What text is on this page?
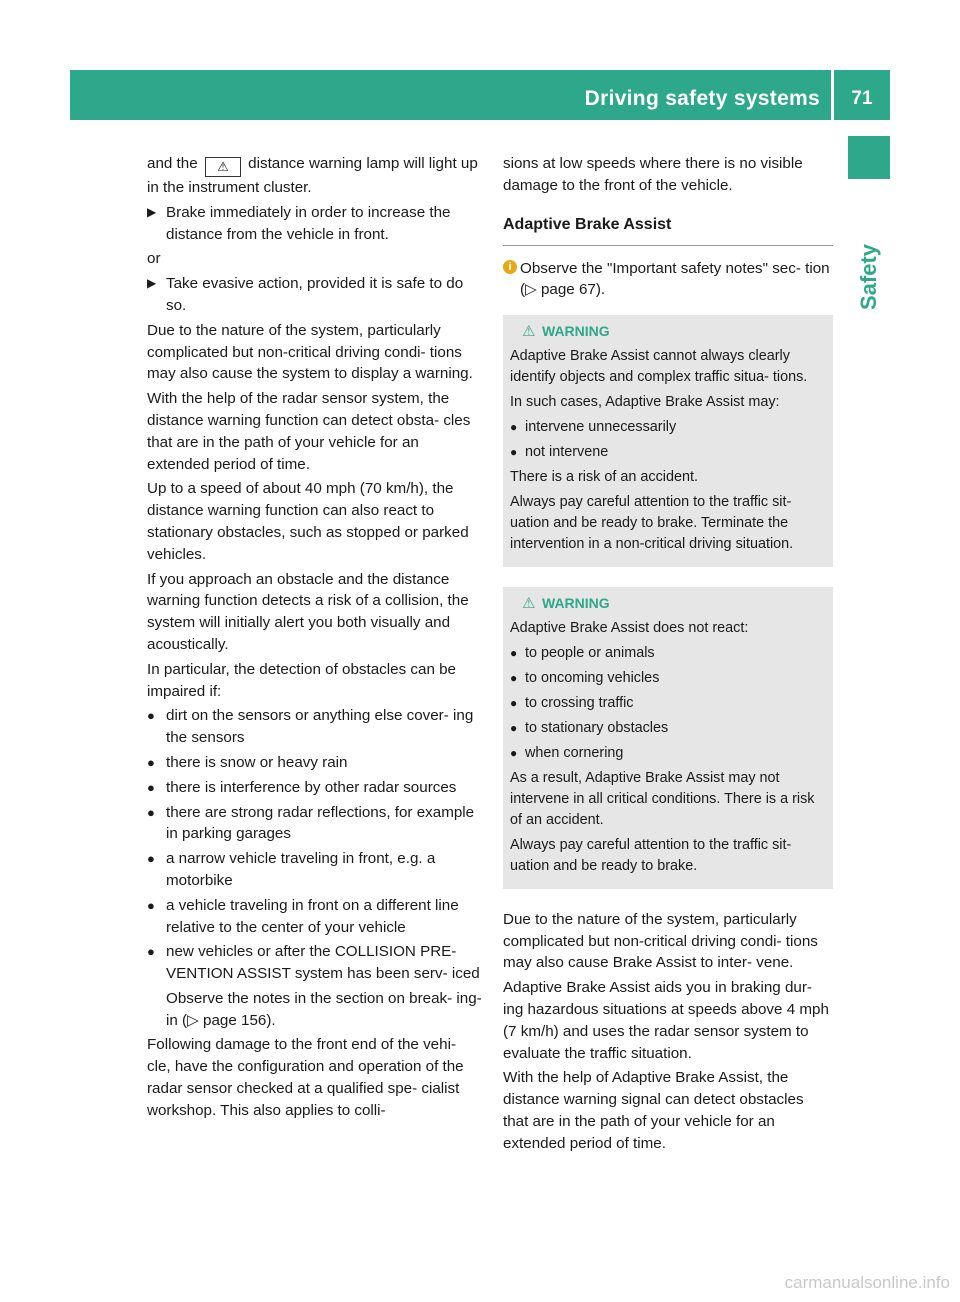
Driving safety systems	71
Safety

and the ⚠ distance warning lamp will light up in the instrument cluster.

▶ Brake immediately in order to increase the distance from the vehicle in front.

or

▶ Take evasive action, provided it is safe to do so.

Due to the nature of the system, particularly complicated but non-critical driving condi- tions may also cause the system to display a warning.

With the help of the radar sensor system, the distance warning function can detect obsta- cles that are in the path of your vehicle for an extended period of time.

Up to a speed of about 40 mph (70 km/h), the distance warning function can also react to stationary obstacles, such as stopped or parked vehicles.

If you approach an obstacle and the distance warning function detects a risk of a collision, the system will initially alert you both visually and acoustically.

In particular, the detection of obstacles can be impaired if:

● dirt on the sensors or anything else cover- ing the sensors
● there is snow or heavy rain
● there is interference by other radar sources
● there are strong radar reflections, for example in parking garages
● a narrow vehicle traveling in front, e.g. a motorbike
● a vehicle traveling in front on a different line relative to the center of your vehicle
● new vehicles or after the COLLISION PRE- VENTION ASSIST system has been serv- iced
Observe the notes in the section on break- ing-in (▷ page 156).

Following damage to the front end of the vehi- cle, have the configuration and operation of the radar sensor checked at a qualified spe- cialist workshop. This also applies to colli-

sions at low speeds where there is no visible damage to the front of the vehicle.

Adaptive Brake Assist
i Observe the "Important safety notes" sec- tion (▷ page 67).
⚠ WARNING

Adaptive Brake Assist cannot always clearly identify objects and complex traffic situa- tions.

In such cases, Adaptive Brake Assist may:

● intervene unnecessarily
● not intervene

There is a risk of an accident.

Always pay careful attention to the traffic sit- uation and be ready to brake. Terminate the intervention in a non-critical driving situation.

⚠ WARNING

Adaptive Brake Assist does not react:

● to people or animals
● to oncoming vehicles
● to crossing traffic
● to stationary obstacles
● when cornering

As a result, Adaptive Brake Assist may not intervene in all critical conditions. There is a risk of an accident.

Always pay careful attention to the traffic sit- uation and be ready to brake.

Due to the nature of the system, particularly complicated but non-critical driving condi- tions may also cause Brake Assist to inter- vene.

Adaptive Brake Assist aids you in braking dur- ing hazardous situations at speeds above 4 mph (7 km/h) and uses the radar sensor system to evaluate the traffic situation.

With the help of Adaptive Brake Assist, the distance warning signal can detect obstacles that are in the path of your vehicle for an extended period of time.

carmanualsonline.info
